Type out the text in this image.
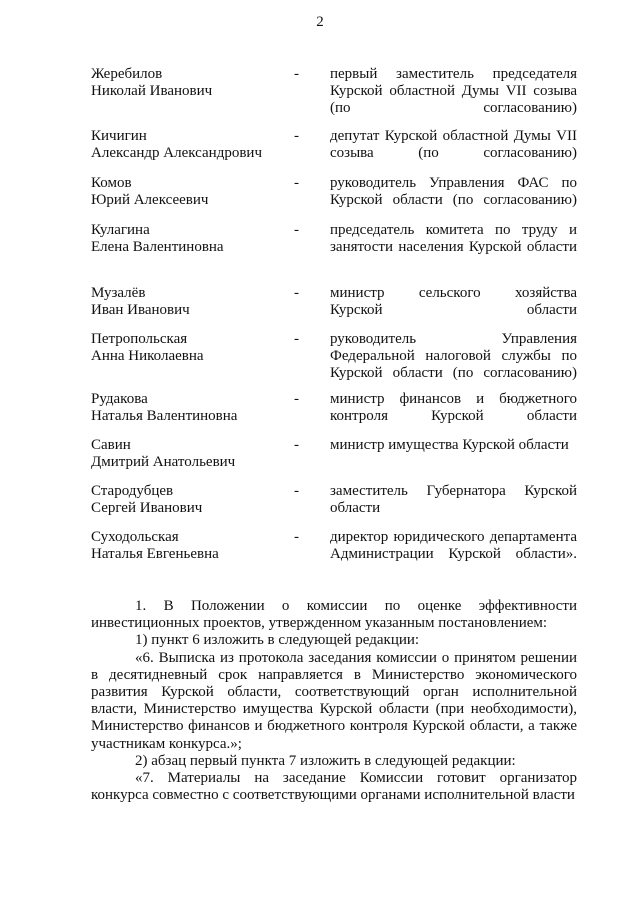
2
Жеребилов
Николай Иванович
- первый заместитель председателя
Курской областной Думы VII созыва
(по согласованию)
Кичигин
Александр Александрович
- депутат Курской областной Думы VII
созыва (по согласованию)
Комов
Юрий Алексеевич
- руководитель Управления ФАС по
Курской области (по согласованию)
Кулагина
Елена Валентиновна
- председатель комитета по труду и
занятости населения Курской области
Музалёв
Иван Иванович
- министр сельского хозяйства
Курской области
Петропольская
Анна Николаевна
- руководитель Управления
Федеральной налоговой службы по
Курской области (по согласованию)
Рудакова
Наталья Валентиновна
- министр финансов и бюджетного
контроля Курской области
Савин
Дмитрий Анатольевич
- министр имущества Курской области
Стародубцев
Сергей Иванович
- заместитель Губернатора Курской
области
Суходольская
Наталья Евгеньевна
- директор юридического департамента
Администрации Курской области».

1. В Положении о комиссии по оценке эффективности инвестиционных проектов, утвержденном указанным постановлением:

1) пункт 6 изложить в следующей редакции:

«6. Выписка из протокола заседания комиссии о принятом решении в десятидневный срок направляется в Министерство экономического развития Курской области, соответствующий орган исполнительной власти, Министерство имущества Курской области (при необходимости), Министерство финансов и бюджетного контроля Курской области, а также участникам конкурса.»;

2) абзац первый пункта 7 изложить в следующей редакции:

«7. Материалы на заседание Комиссии готовит организатор конкурса совместно с соответствующими органами исполнительной власти
